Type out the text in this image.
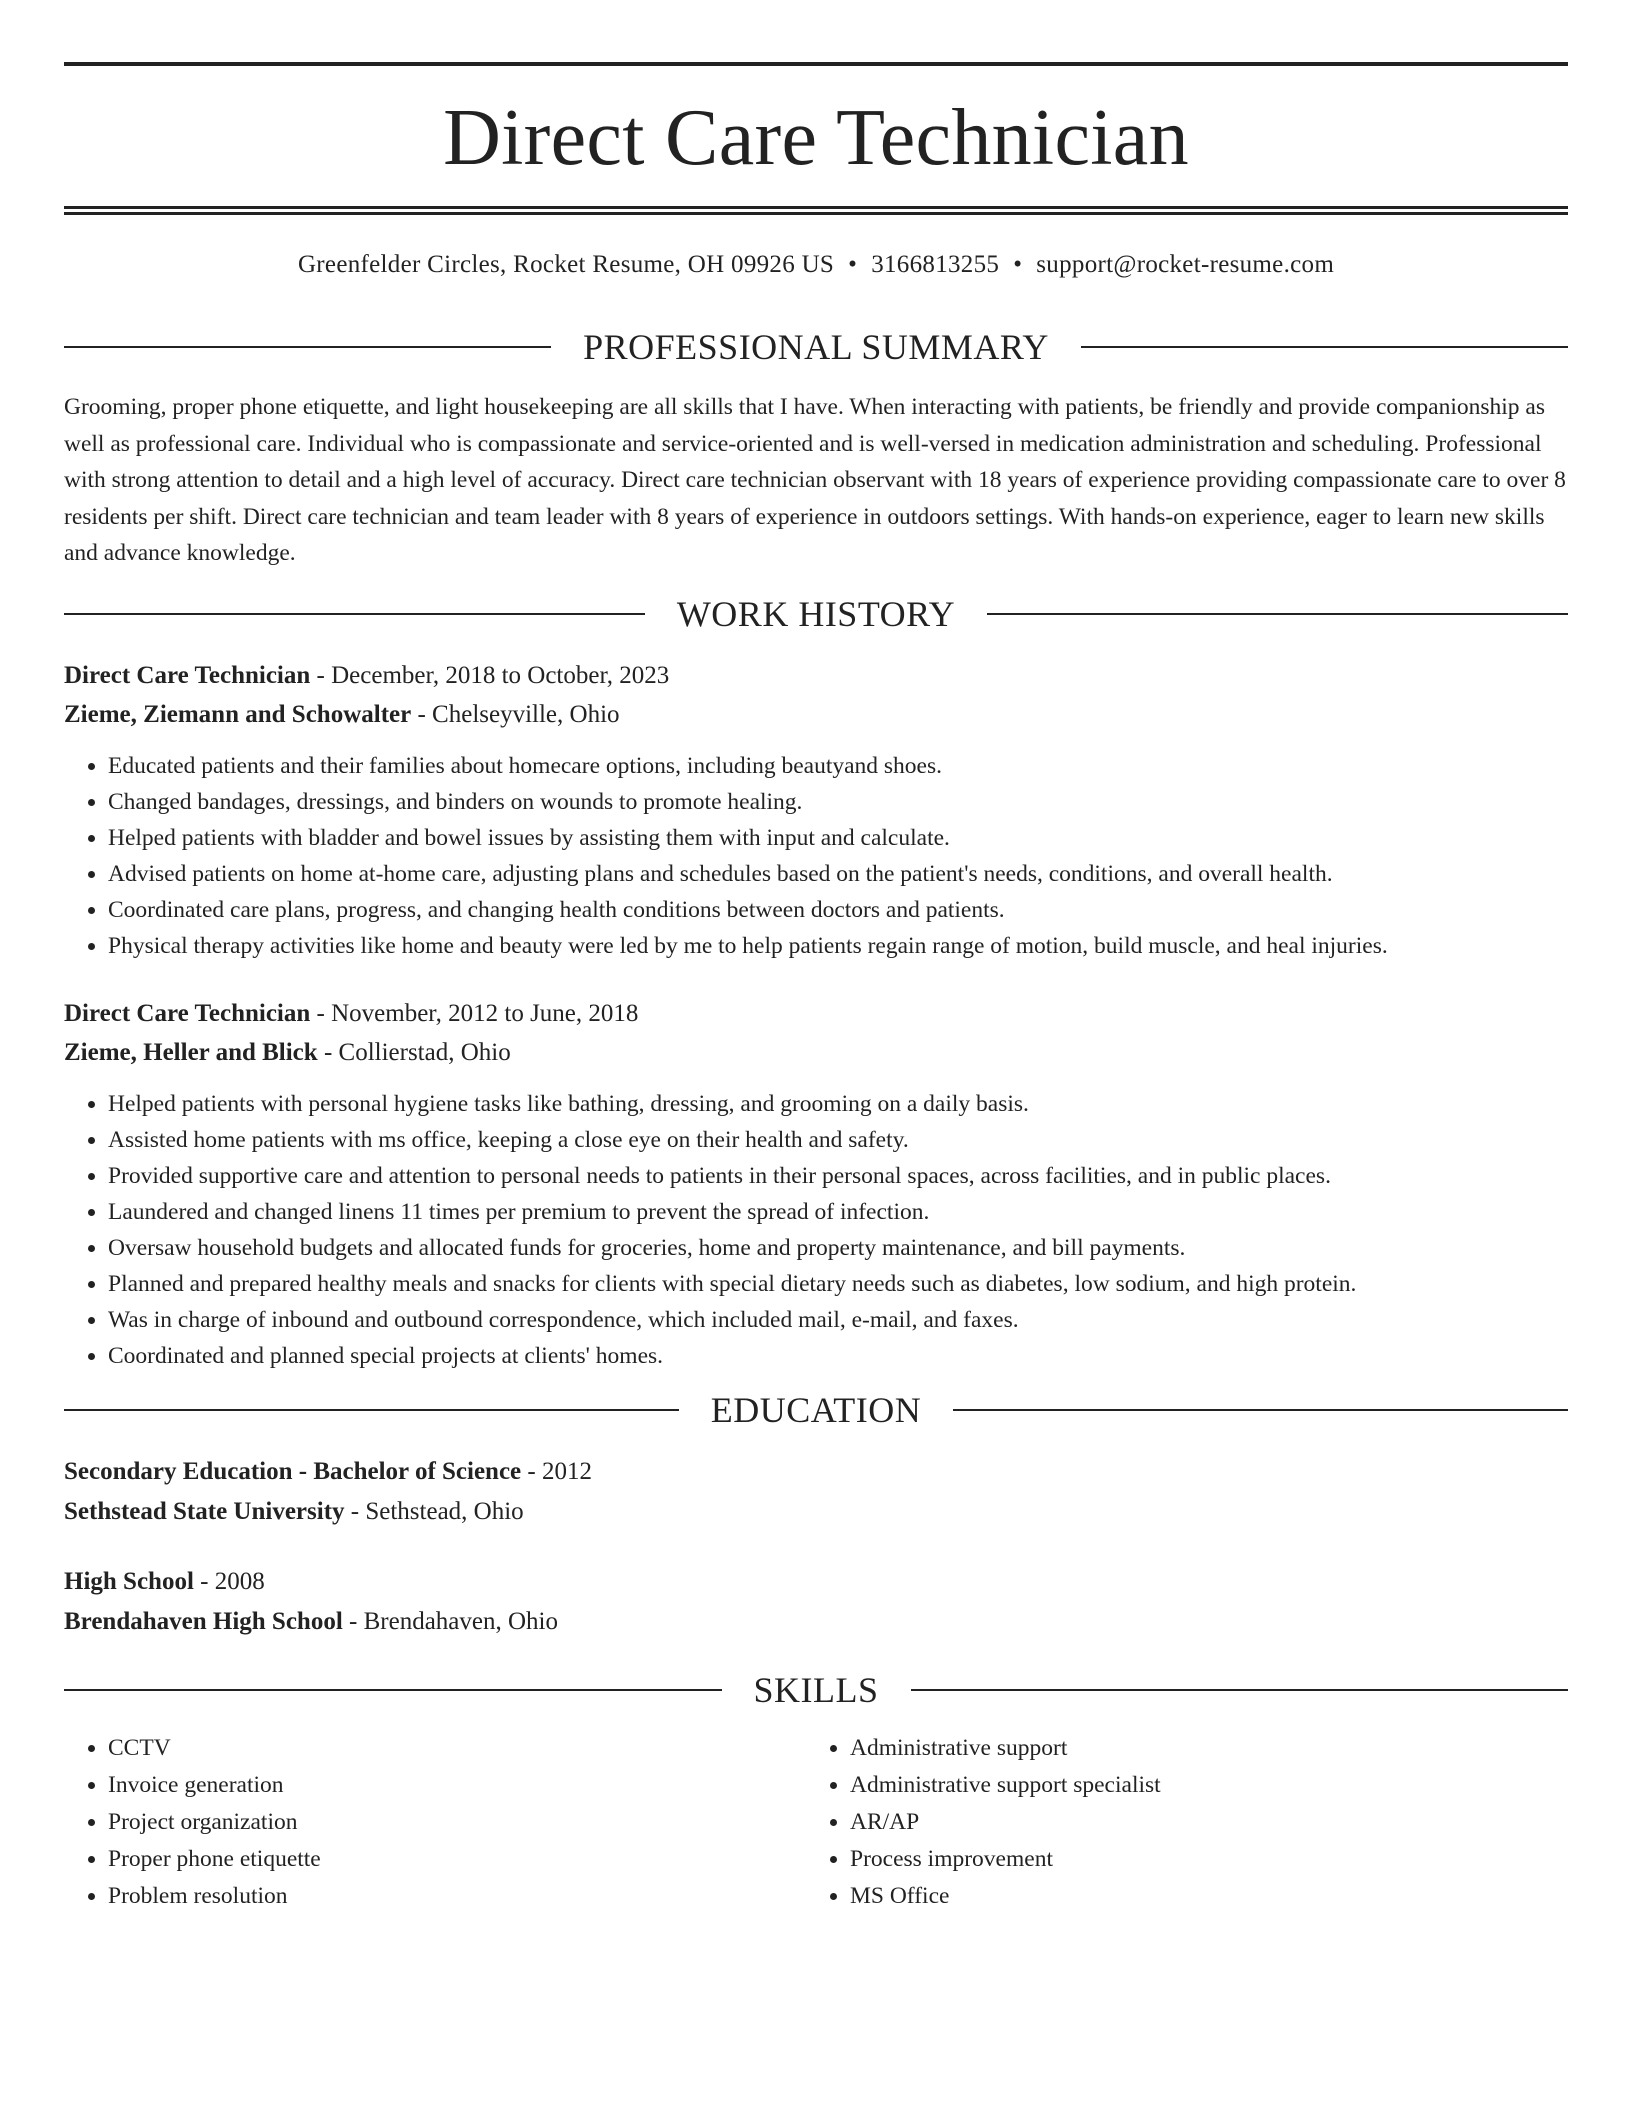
Direct Care Technician
Greenfelder Circles, Rocket Resume, OH 09926 US • 3166813255 • support@rocket-resume.com
PROFESSIONAL SUMMARY

Grooming, proper phone etiquette, and light housekeeping are all skills that I have. When interacting with patients, be friendly and provide companionship as well as professional care. Individual who is compassionate and service-oriented and is well-versed in medication administration and scheduling. Professional with strong attention to detail and a high level of accuracy. Direct care technician observant with 18 years of experience providing compassionate care to over 8 residents per shift. Direct care technician and team leader with 8 years of experience in outdoors settings. With hands-on experience, eager to learn new skills and advance knowledge.

WORK HISTORY
Direct Care Technician - December, 2018 to October, 2023
Zieme, Ziemann and Schowalter - Chelseyville, Ohio
• Educated patients and their families about homecare options, including beautyand shoes.
• Changed bandages, dressings, and binders on wounds to promote healing.
• Helped patients with bladder and bowel issues by assisting them with input and calculate.
• Advised patients on home at-home care, adjusting plans and schedules based on the patient's needs, conditions, and overall health.
• Coordinated care plans, progress, and changing health conditions between doctors and patients.
• Physical therapy activities like home and beauty were led by me to help patients regain range of motion, build muscle, and heal injuries.
Direct Care Technician - November, 2012 to June, 2018
Zieme, Heller and Blick - Collierstad, Ohio
• Helped patients with personal hygiene tasks like bathing, dressing, and grooming on a daily basis.
• Assisted home patients with ms office, keeping a close eye on their health and safety.
• Provided supportive care and attention to personal needs to patients in their personal spaces, across facilities, and in public places.
• Laundered and changed linens 11 times per premium to prevent the spread of infection.
• Oversaw household budgets and allocated funds for groceries, home and property maintenance, and bill payments.
• Planned and prepared healthy meals and snacks for clients with special dietary needs such as diabetes, low sodium, and high protein.
• Was in charge of inbound and outbound correspondence, which included mail, e-mail, and faxes.
• Coordinated and planned special projects at clients' homes.
EDUCATION
Secondary Education - Bachelor of Science - 2012
Sethstead State University - Sethstead, Ohio
High School - 2008
Brendahaven High School - Brendahaven, Ohio
SKILLS
• CCTV
• Invoice generation
• Project organization
• Proper phone etiquette
• Problem resolution
• Administrative support
• Administrative support specialist
• AR/AP
• Process improvement
• MS Office
